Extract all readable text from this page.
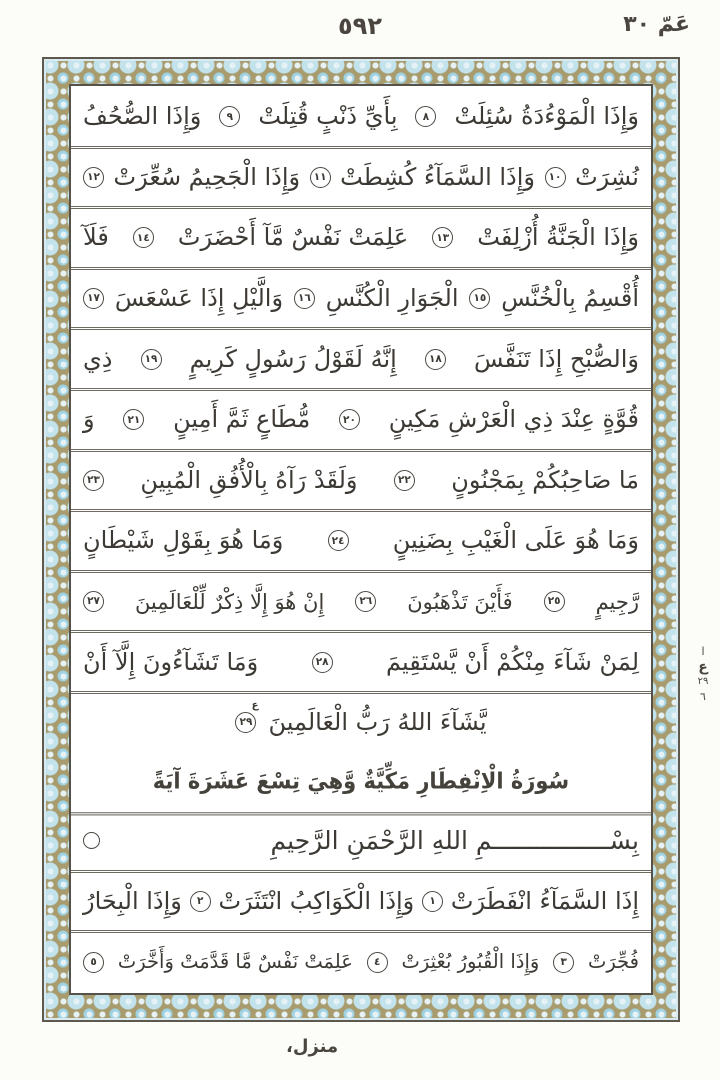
عَمّ ٣٠
٥٩٢
وَإِذَا الْمَوْءُدَةُ سُئِلَتْ
٨
بِأَيِّ ذَنْبٍ قُتِلَتْ
٩
وَإِذَا الصُّحُفُ
نُشِرَتْ
١٠
وَإِذَا السَّمَآءُ كُشِطَتْ
١١
وَإِذَا الْجَحِيمُ سُعِّرَتْ
١٢
وَإِذَا الْجَنَّةُ أُزْلِفَتْ
١٣
عَلِمَتْ نَفْسٌ مَّآ أَحْضَرَتْ
١٤
فَلَآ
أُقْسِمُ بِالْخُنَّسِ
١٥
الْجَوَارِ الْكُنَّسِ
١٦
وَالَّيْلِ إِذَا عَسْعَسَ
١٧
وَالصُّبْحِ إِذَا تَنَفَّسَ
١٨
إِنَّهُ لَقَوْلُ رَسُولٍ كَرِيمٍ
١٩
ذِي
قُوَّةٍ عِنْدَ ذِي الْعَرْشِ مَكِينٍ
٢٠
مُّطَاعٍ ثَمَّ أَمِينٍ
٢١
وَ
مَا صَاحِبُكُمْ بِمَجْنُونٍ
٢٢
وَلَقَدْ رَآهُ بِالْأُفُقِ الْمُبِينِ
٢٣
وَمَا هُوَ عَلَى الْغَيْبِ بِضَنِينٍ
٢٤
وَمَا هُوَ بِقَوْلِ شَيْطَانٍ
رَّجِيمٍ
٢٥
فَأَيْنَ تَذْهَبُونَ
٢٦
إِنْ هُوَ إِلَّا ذِكْرٌ لِّلْعَالَمِينَ
٢٧
لِمَنْ شَآءَ مِنْكُمْ أَنْ يَّسْتَقِيمَ
٢٨
وَمَا تَشَآءُونَ إِلَّآ أَنْ
يَّشَآءَ اللهُ رَبُّ الْعَالَمِينَ
٢٩
ع
سُورَةُ الْاِنْفِطَارِ مَكِّيَّةٌ وَّهِيَ تِسْعَ عَشَرَةَ آيَةً
بِسْــــــــــــــــمِ اللهِ الرَّحْمَنِ الرَّحِيمِ
إِذَا السَّمَآءُ انْفَطَرَتْ
١
وَإِذَا الْكَوَاكِبُ انْتَثَرَتْ
٢
وَإِذَا الْبِحَارُ
فُجِّرَتْ
٣
وَإِذَا الْقُبُورُ بُعْثِرَتْ
٤
عَلِمَتْ نَفْسٌ مَّا قَدَّمَتْ وَأَخَّرَتْ
٥
ا
ع
٢٩
٦
منزل،
